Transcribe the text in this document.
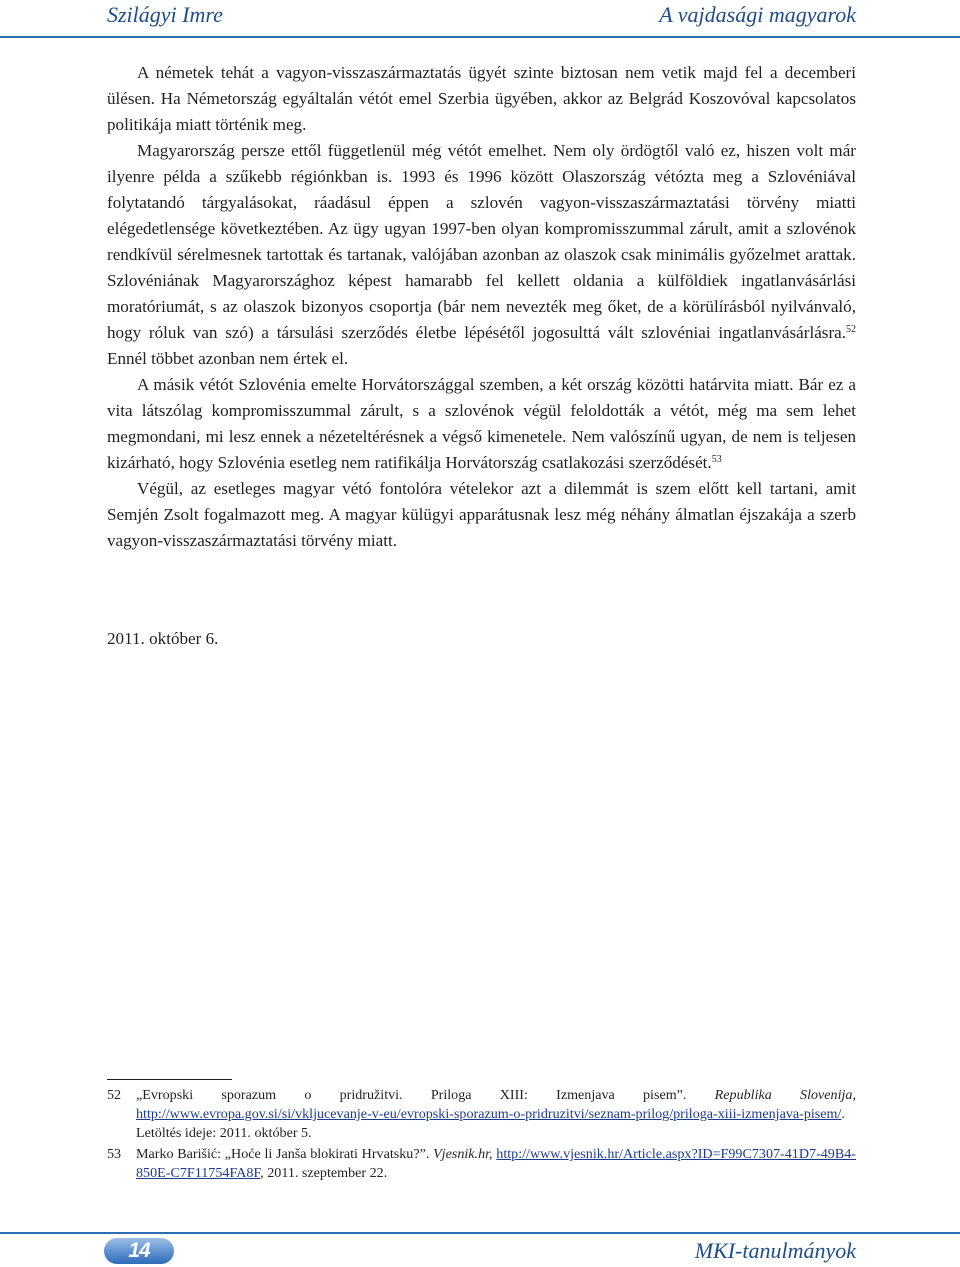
Szilágyi Imre	A vajdasági magyarok

A németek tehát a vagyon-visszaszármaztatás ügyét szinte biztosan nem vetik majd fel a decemberi ülésen. Ha Németország egyáltalán vétót emel Szerbia ügyében, akkor az Belgrád Koszovóval kapcsolatos politikája miatt történik meg.

Magyarország persze ettől függetlenül még vétót emelhet. Nem oly ördögtől való ez, hiszen volt már ilyenre példa a szűkebb régiónkban is. 1993 és 1996 között Olaszország vétózta meg a Szlovéniával folytatandó tárgyalásokat, ráadásul éppen a szlovén vagyon-visszaszármaztatási törvény miatti elégedetlensége következtében. Az ügy ugyan 1997-ben olyan kompromisszummal zárult, amit a szlovénok rendkívül sérelmesnek tartottak és tartanak, valójában azonban az olaszok csak minimális győzelmet arattak. Szlovéniának Magyarországhoz képest hamarabb fel kellett oldania a külföldiek ingatlanvásárlási moratóriumát, s az olaszok bizonyos csoportja (bár nem nevezték meg őket, de a körülírásból nyilvánvaló, hogy róluk van szó) a társulási szerződés életbe lépésétől jogosulttá vált szlovéniai ingatlanvásárlásra.$^{52}$ Ennél többet azonban nem értek el.

A másik vétót Szlovénia emelte Horvátországgal szemben, a két ország közötti határvita miatt. Bár ez a vita látszólag kompromisszummal zárult, s a szlovénok végül feloldották a vétót, még ma sem lehet megmondani, mi lesz ennek a nézeteltérésnek a végső kimenetele. Nem valószínű ugyan, de nem is teljesen kizárható, hogy Szlovénia esetleg nem ratifikálja Horvátország csatlakozási szerződését.$^{53}$

Végül, az esetleges magyar vétó fontolóra vételekor azt a dilemmát is szem előtt kell tartani, amit Semjén Zsolt fogalmazott meg. A magyar külügyi apparátusnak lesz még néhány álmatlan éjszakája a szerb vagyon-visszaszármaztatási törvény miatt.

2011. október 6.
52	„Evropski sporazum o pridružitvi. Priloga XIII: Izmenjava pisem”. Republika Slovenija, http://www.evropa.gov.si/si/vkljucevanje-v-eu/evropski-sporazum-o-pridruzitvi/seznam-prilog/priloga-xiii-izmenjava-pisem/. Letöltés ideje: 2011. október 5.
53	Marko Barišić: „Hoće li Janša blokirati Hrvatsku?”. Vjesnik.hr, http://www.vjesnik.hr/Article.aspx?ID=F99C7307-41D7-49B4-850E-C7F11754FA8F, 2011. szeptember 22.
14	MKI-tanulmányok
